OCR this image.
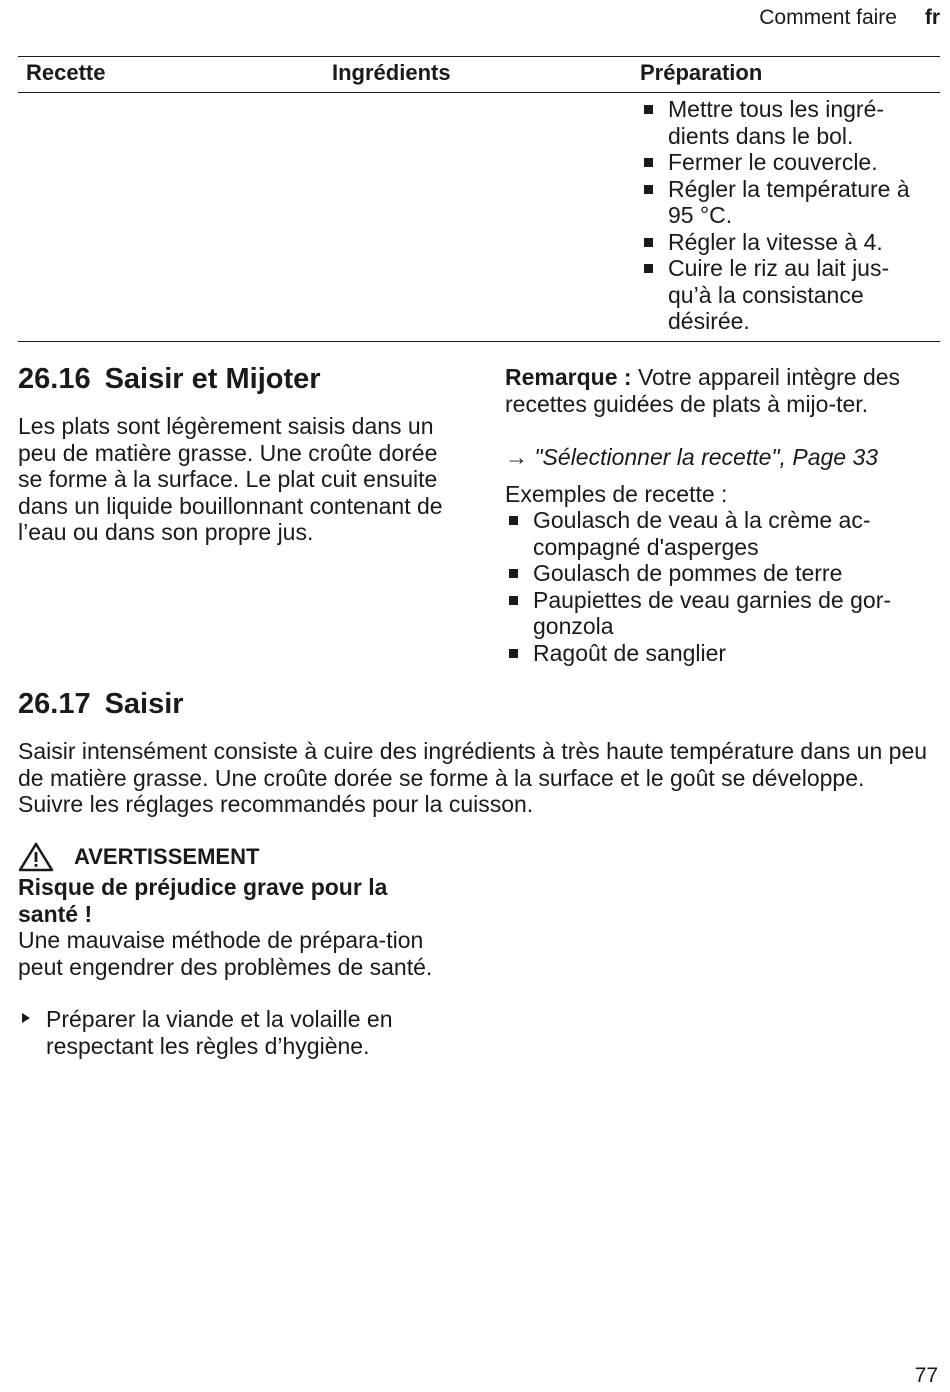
Comment faire fr
Recette	Ingrédients	Préparation
Mettre tous les ingré-dients dans le bol.
Fermer le couvercle.
Régler la température à 95 °C.
Régler la vitesse à 4.
Cuire le riz au lait jus-qu’à la consistance désirée.
26.16 Saisir et Mijoter

Les plats sont légèrement saisis dans un peu de matière grasse. Une croûte dorée se forme à la surface. Le plat cuit ensuite dans un liquide bouillonnant contenant de l’eau ou dans son propre jus.

Remarque : Votre appareil intègre des recettes guidées de plats à mijo-ter.

→ "Sélectionner la recette", Page 33

Exemples de recette :

Goulasch de veau à la crème ac-compagné d'asperges
Goulasch de pommes de terre
Paupiettes de veau garnies de gor-gonzola
Ragoût de sanglier
26.17 Saisir

Saisir intensément consiste à cuire des ingrédients à très haute température dans un peu de matière grasse. Une croûte dorée se forme à la surface et le goût se développe. Suivre les réglages recommandés pour la cuisson.

AVERTISSEMENT

Risque de préjudice grave pour la santé !

Une mauvaise méthode de prépara-tion peut engendrer des problèmes de santé.

Préparer la viande et la volaille en respectant les règles d’hygiène.
77
